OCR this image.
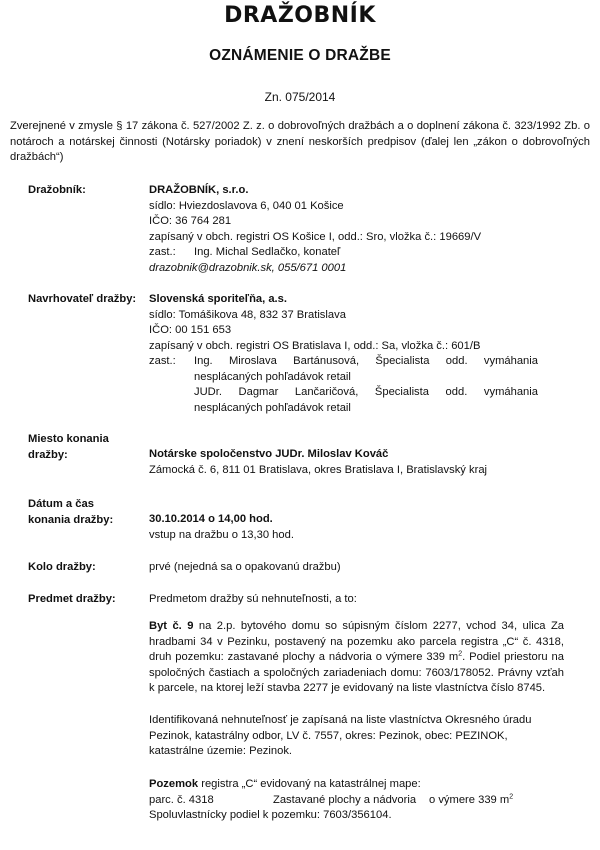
DRAŽOBNÍK
OZNÁMENIE O DRAŽBE
Zn. 075/2014
Zverejnené v zmysle § 17 zákona č. 527/2002 Z. z. o dobrovoľných dražbách a o doplnení zákona č. 323/1992 Zb. o notároch a notárskej činnosti (Notársky poriadok) v znení neskorších predpisov (ďalej len „zákon o dobrovoľných dražbách“)
Dražobník:	DRAŽOBNÍK, s.r.o.
sídlo: Hviezdoslavova 6, 040 01 Košice
IČO: 36 764 281
zapísaný v obch. registri OS Košice I, odd.: Sro, vložka č.: 19669/V
zast.:	Ing. Michal Sedlačko, konateľ
drazobnik@drazobnik.sk, 055/671 0001
Navrhovateľ dražby: Slovenská sporiteľňa, a.s.
sídlo: Tomášikova 48, 832 37 Bratislava
IČO: 00 151 653
zapísaný v obch. registri OS Bratislava I, odd.: Sa, vložka č.: 601/B
zast.:	Ing. Miroslava Bartánusová, Špecialista odd. vymáhania nesplácaných pohľadávok retail
JUDr. Dagmar Lančaričová, Špecialista odd. vymáhania nesplácaných pohľadávok retail
Miesto konania
dražby:	Notárske spoločenstvo JUDr. Miloslav Kováč
Zámocká č. 6, 811 01 Bratislava, okres Bratislava I, Bratislavský kraj
Dátum a čas
konania dražby:	30.10.2014 o 14,00 hod.
vstup na dražbu o 13,30 hod.
Kolo dražby:	prvé (nejedná sa o opakovanú dražbu)
Predmet dražby:	Predmetom dražby sú nehnuteľnosti, a to:
Byt č. 9 na 2.p. bytového domu so súpisným číslom 2277, vchod 34, ulica Za hradbami 34 v Pezinku, postavený na pozemku ako parcela registra „C“ č. 4318, druh pozemku: zastavané plochy a nádvoria o výmere 339 $m^2$. Podiel priestoru na spoločných častiach a spoločných zariadeniach domu: 7603/178052. Právny vzťah k parcele, na ktorej leží stavba 2277 je evidovaný na liste vlastníctva číslo 8745.
Identifikovaná nehnuteľnosť je zapísaná na liste vlastníctva Okresného úradu Pezinok, katastrálny odbor, LV č. 7557, okres: Pezinok, obec: PEZINOK, katastrálne územie: Pezinok.
Pozemok registra „C“ evidovaný na katastrálnej mape:
parc. č. 4318	Zastavané plochy a nádvoria o výmere 339 $m^2$
Spoluvlastnícky podiel k pozemku: 7603/356104.
